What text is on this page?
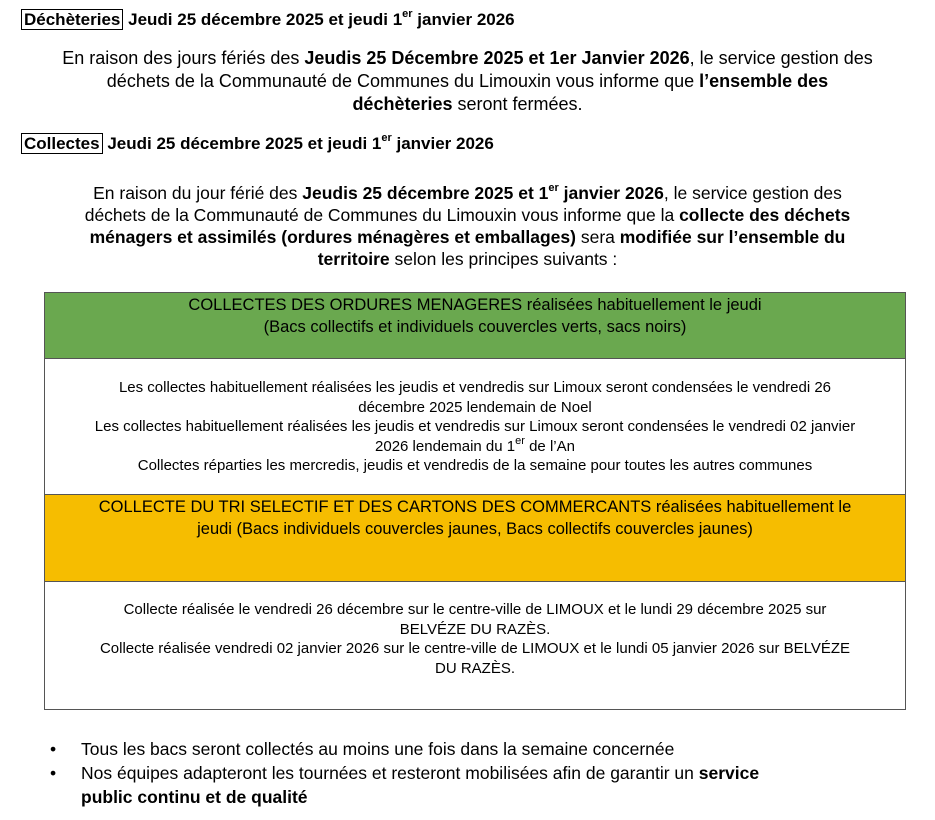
Déchèteries Jeudi 25 décembre 2025 et jeudi 1er janvier 2026
En raison des jours fériés des Jeudis 25 Décembre 2025 et 1er Janvier 2026, le service gestion des
déchets de la Communauté de Communes du Limouxin vous informe que l’ensemble des
déchèteries seront fermées.
Collectes Jeudi 25 décembre 2025 et jeudi 1er janvier 2026
En raison du jour férié des Jeudis 25 décembre 2025 et 1er janvier 2026, le service gestion des
déchets de la Communauté de Communes du Limouxin vous informe que la collecte des déchets
ménagers et assimilés (ordures ménagères et emballages) sera modifiée sur l’ensemble du
territoire selon les principes suivants :
COLLECTES DES ORDURES MENAGERES réalisées habituellement le jeudi
(Bacs collectifs et individuels couvercles verts, sacs noirs)
Les collectes habituellement réalisées les jeudis et vendredis sur Limoux seront condensées le vendredi 26
décembre 2025 lendemain de Noel
Les collectes habituellement réalisées les jeudis et vendredis sur Limoux seront condensées le vendredi 02 janvier
2026 lendemain du 1er de l’An
Collectes réparties les mercredis, jeudis et vendredis de la semaine pour toutes les autres communes
COLLECTE DU TRI SELECTIF ET DES CARTONS DES COMMERCANTS réalisées habituellement le
jeudi (Bacs individuels couvercles jaunes, Bacs collectifs couvercles jaunes)
Collecte réalisée le vendredi 26 décembre sur le centre-ville de LIMOUX et le lundi 29 décembre 2025 sur
BELVÉZE DU RAZÈS.
Collecte réalisée vendredi 02 janvier 2026 sur le centre-ville de LIMOUX et le lundi 05 janvier 2026 sur BELVÉZE
DU RAZÈS.
• Tous les bacs seront collectés au moins une fois dans la semaine concernée
• Nos équipes adapteront les tournées et resteront mobilisées afin de garantir un service
public continu et de qualité
